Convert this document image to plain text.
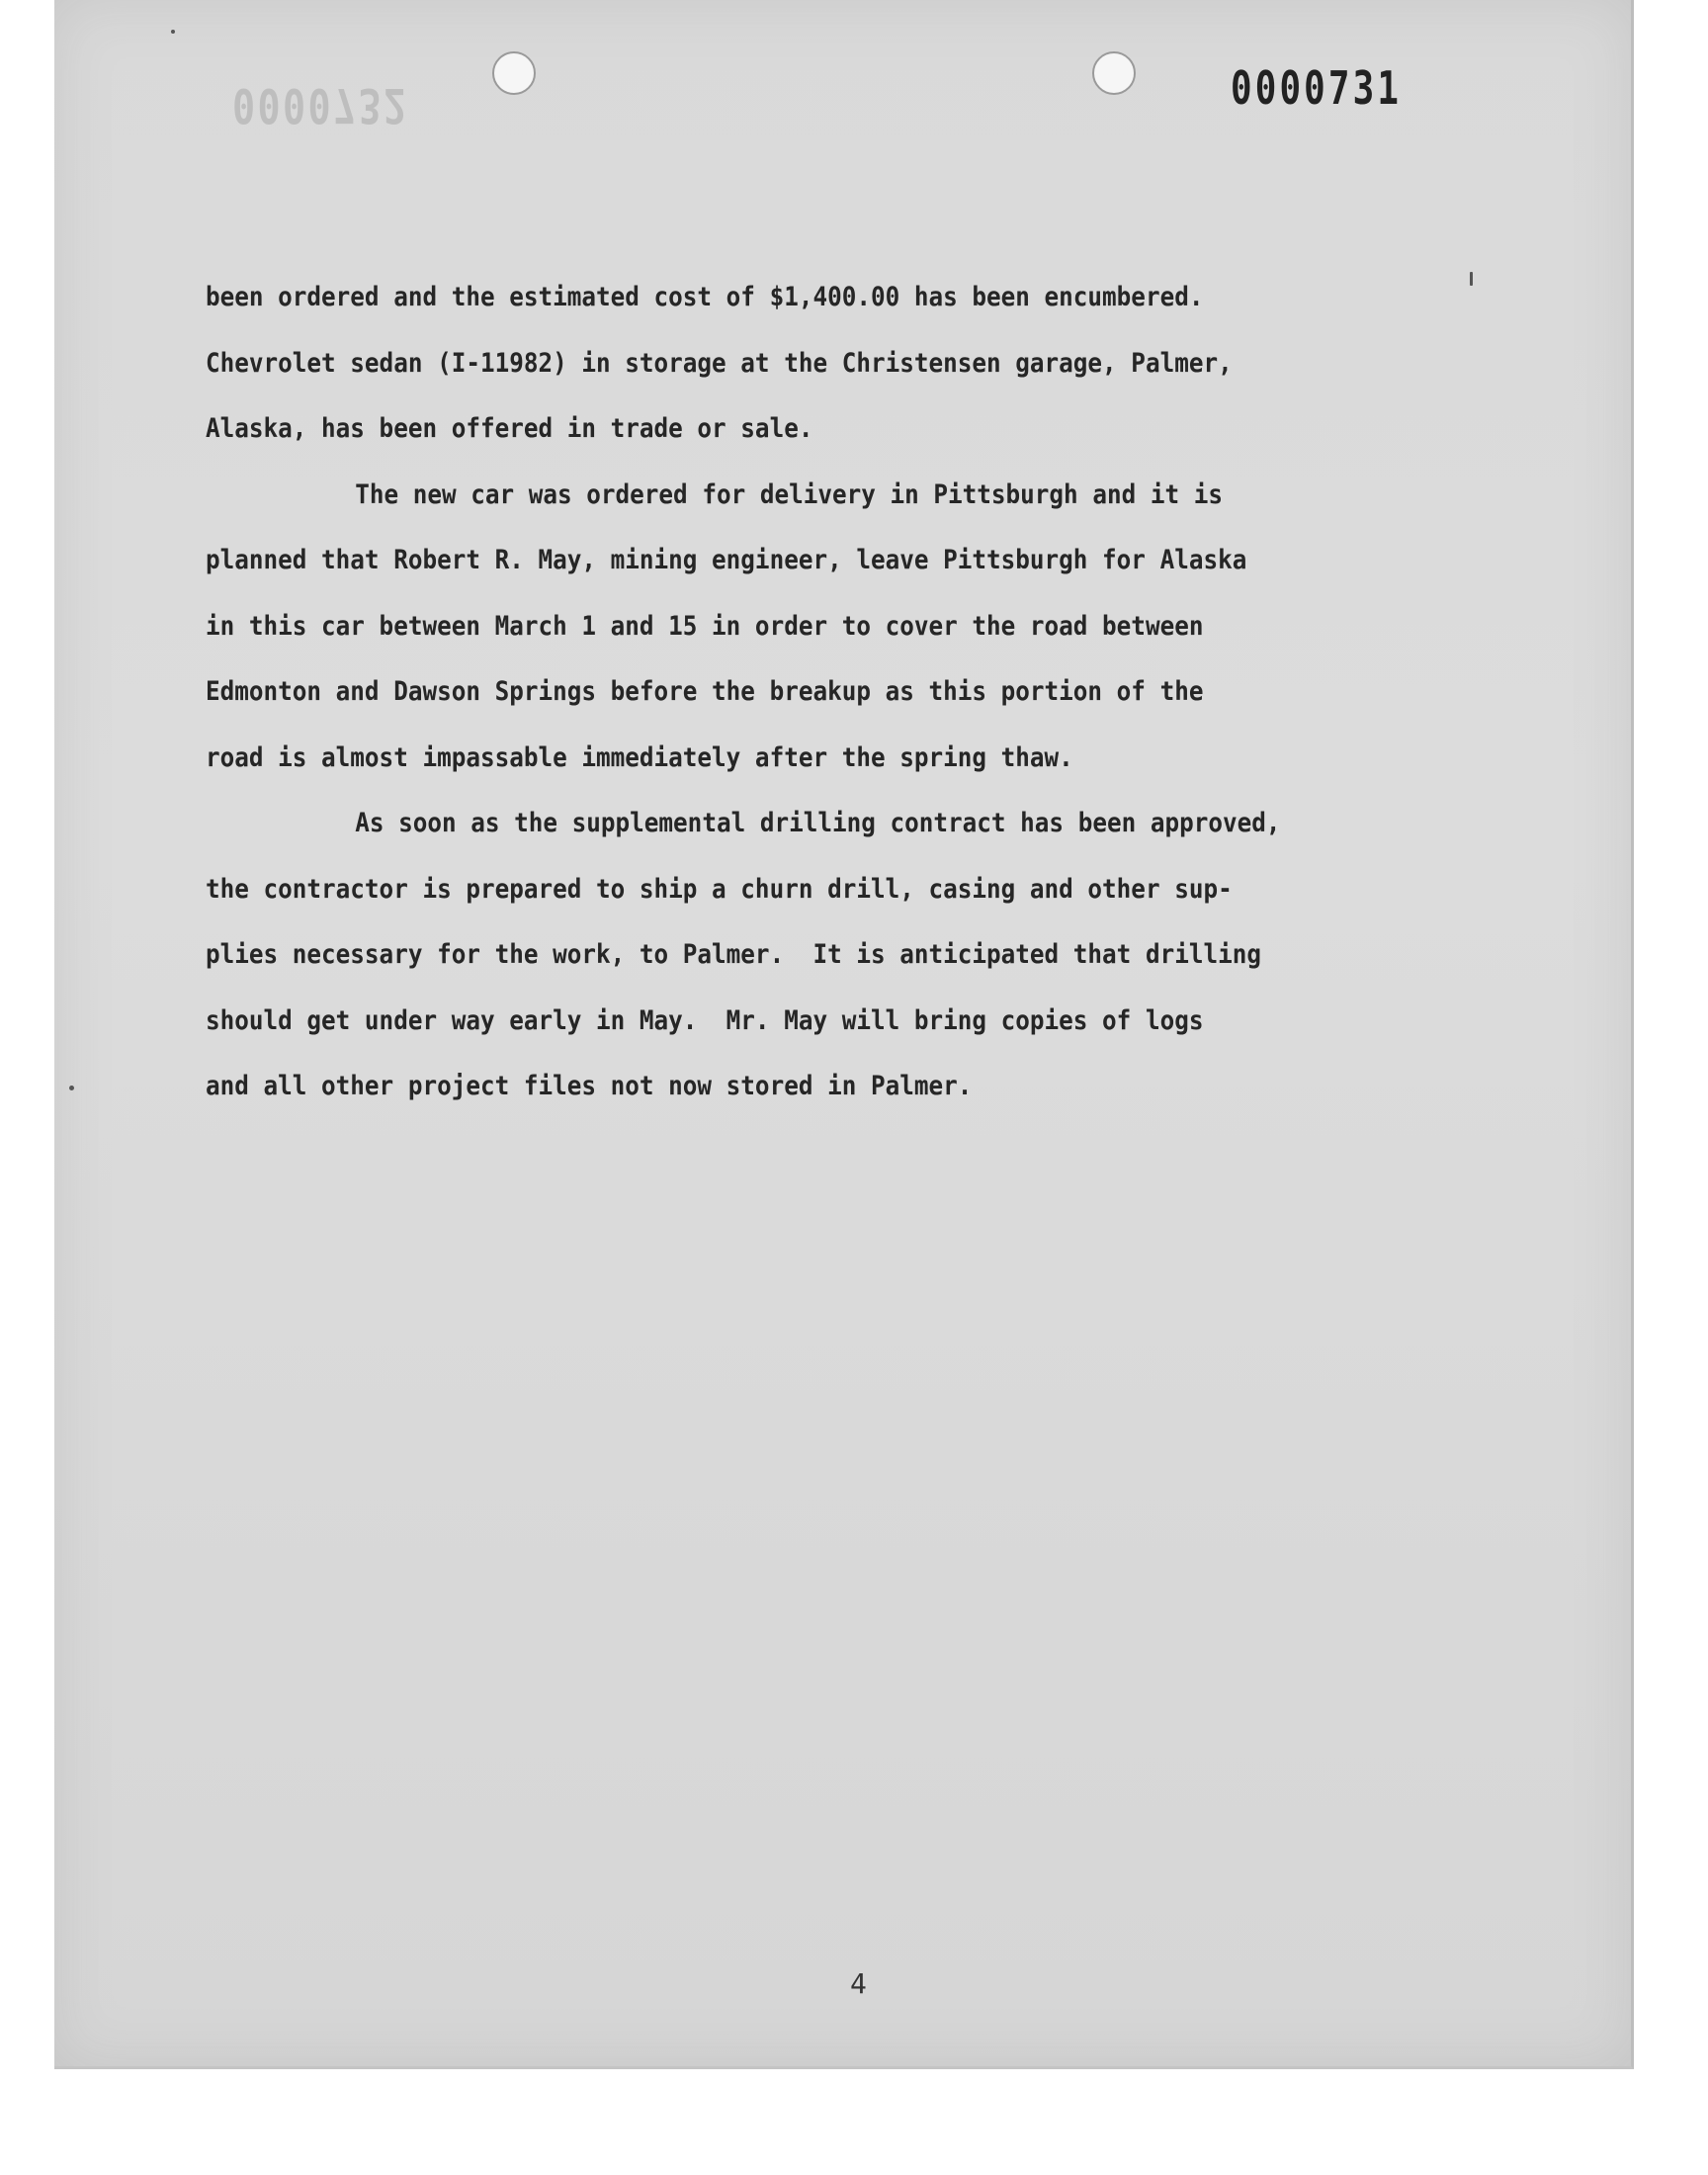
0000732	0000731
been ordered and the estimated cost of $1,400.00 has been encumbered.
Chevrolet sedan (I-11982) in storage at the Christensen garage, Palmer,
Alaska, has been offered in trade or sale.
The new car was ordered for delivery in Pittsburgh and it is
planned that Robert R. May, mining engineer, leave Pittsburgh for Alaska
in this car between March 1 and 15 in order to cover the road between
Edmonton and Dawson Springs before the breakup as this portion of the
road is almost impassable immediately after the spring thaw.
As soon as the supplemental drilling contract has been approved,
the contractor is prepared to ship a churn drill, casing and other sup-
plies necessary for the work, to Palmer.  It is anticipated that drilling
should get under way early in May.  Mr. May will bring copies of logs
and all other project files not now stored in Palmer.
4
